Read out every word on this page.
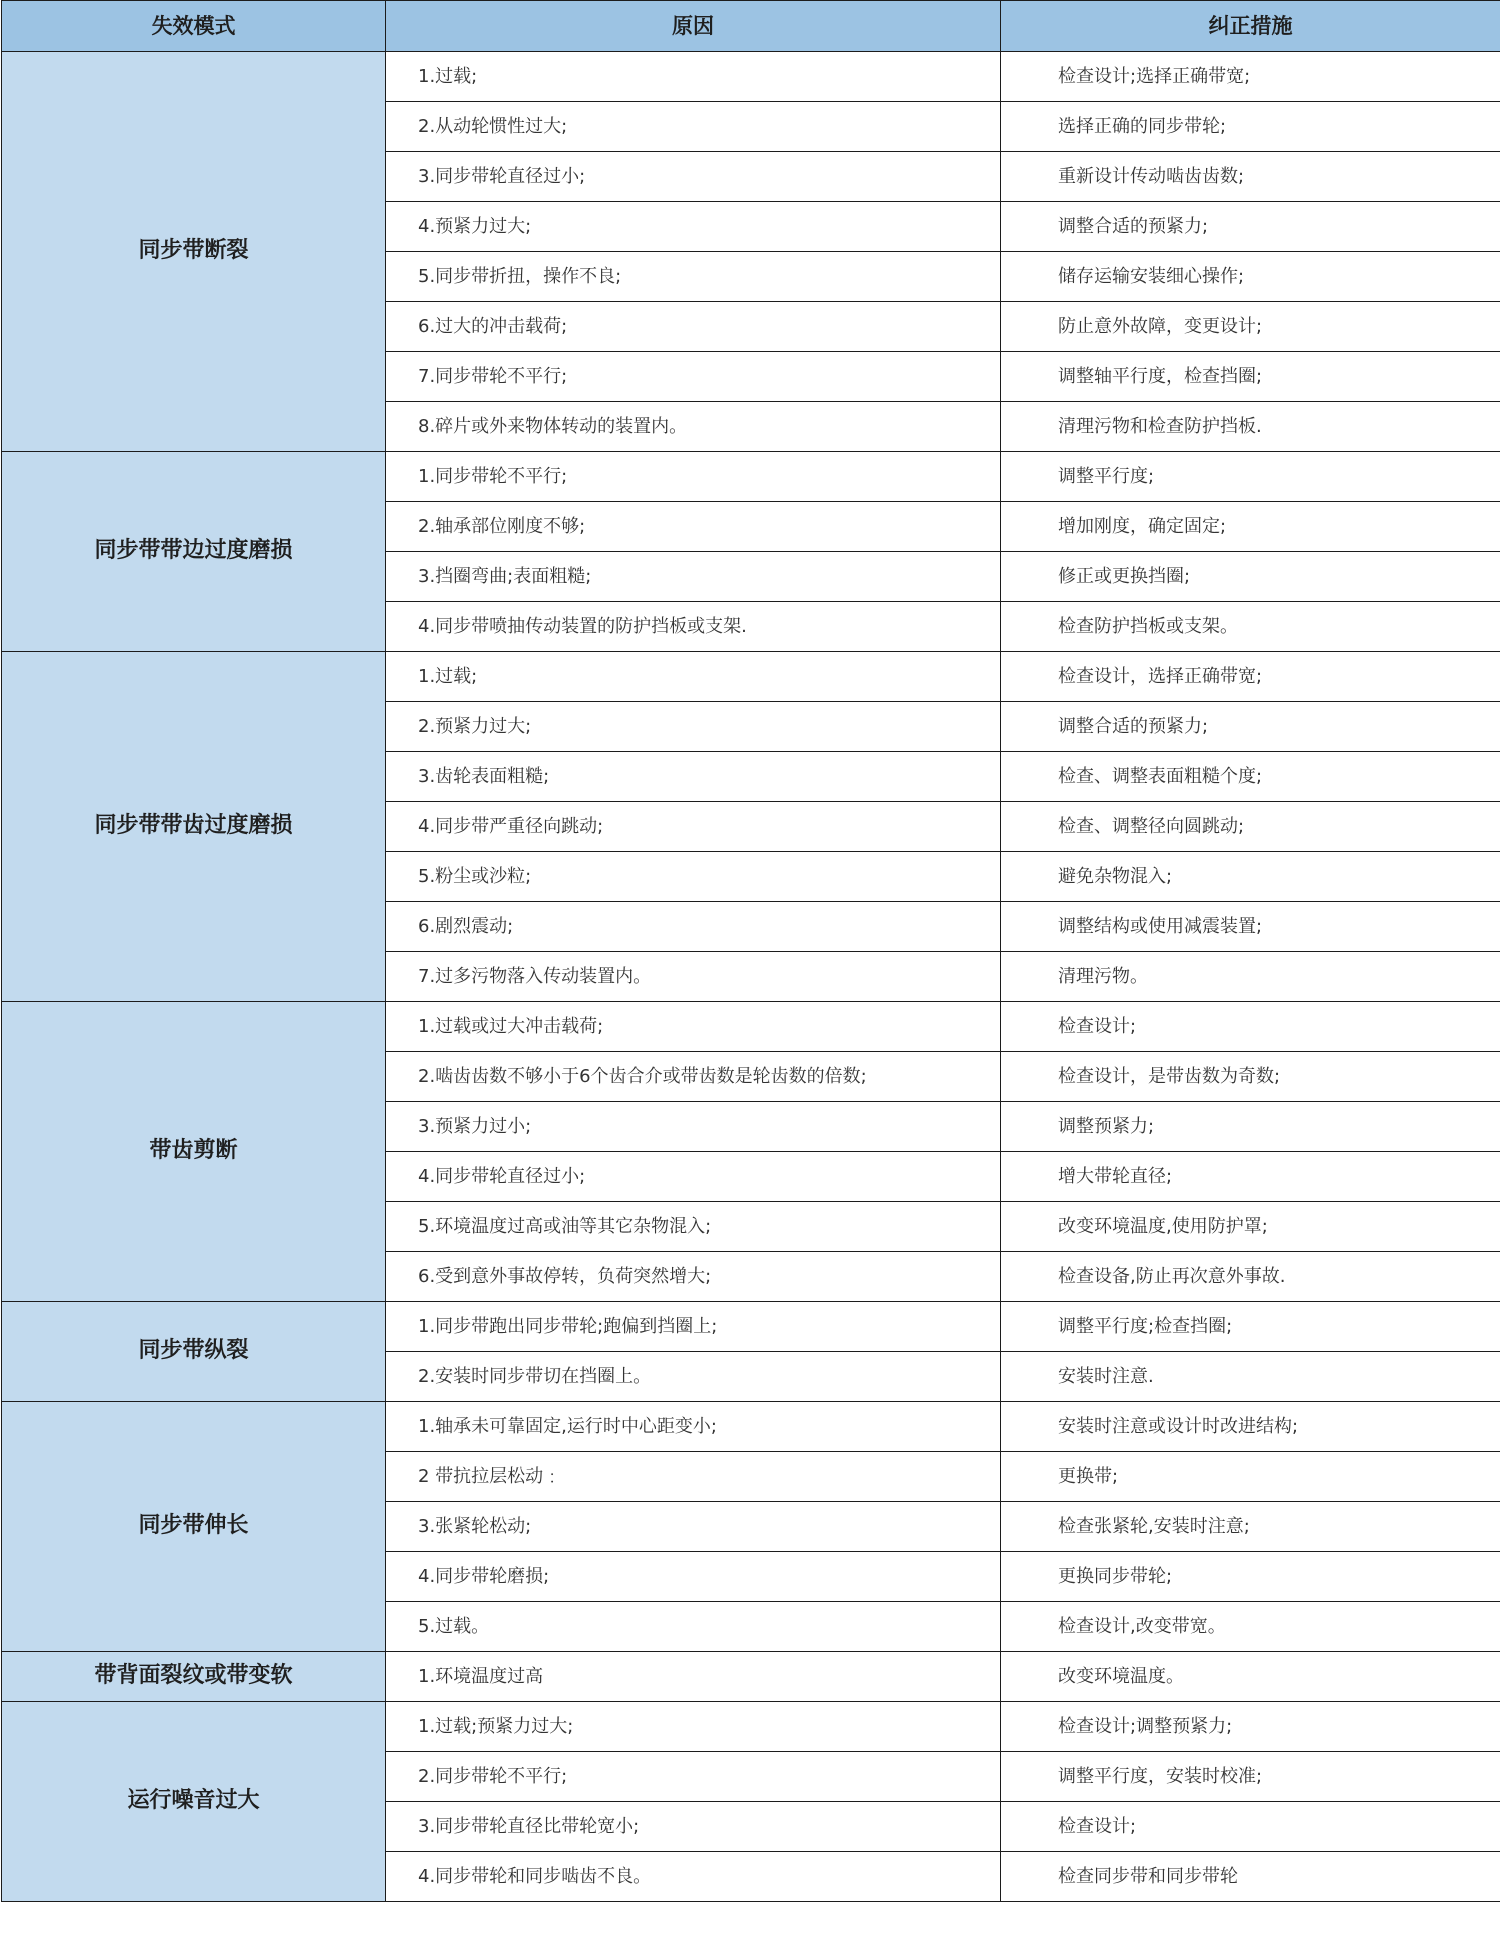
失效模式	原因	纠正措施
同步带断裂	1.过载;	检查设计;选择正确带宽;
	2.从动轮惯性过大;	选择正确的同步带轮;
	3.同步带轮直径过小;	重新设计传动啮齿齿数;
	4.预紧力过大;	调整合适的预紧力;
	5.同步带折扭，操作不良;	储存运输安装细心操作;
	6.过大的冲击载荷;	防止意外故障，变更设计;
	7.同步带轮不平行;	调整轴平行度，检查挡圈;
	8.碎片或外来物体转动的装置内。	清理污物和检查防护挡板.
同步带带边过度磨损	1.同步带轮不平行;	调整平行度;
	2.轴承部位刚度不够;	增加刚度，确定固定;
	3.挡圈弯曲;表面粗糙;	修正或更换挡圈;
	4.同步带喷抽传动装置的防护挡板或支架.	检查防护挡板或支架。
同步带带齿过度磨损	1.过载;	检查设计，选择正确带宽;
	2.预紧力过大;	调整合适的预紧力;
	3.齿轮表面粗糙;	检查、调整表面粗糙个度;
	4.同步带严重径向跳动;	检查、调整径向圆跳动;
	5.粉尘或沙粒;	避免杂物混入;
	6.剧烈震动;	调整结构或使用减震装置;
	7.过多污物落入传动装置内。	清理污物。
带齿剪断	1.过载或过大冲击载荷;	检查设计;
	2.啮齿齿数不够小于6个齿合介或带齿数是轮齿数的倍数;	检查设计，是带齿数为奇数;
	3.预紧力过小;	调整预紧力;
	4.同步带轮直径过小;	增大带轮直径;
	5.环境温度过高或油等其它杂物混入;	改变环境温度,使用防护罩;
	6.受到意外事故停转，负荷突然增大;	检查设备,防止再次意外事故.
同步带纵裂	1.同步带跑出同步带轮;跑偏到挡圈上;	调整平行度;检查挡圈;
	2.安装时同步带切在挡圈上。	安装时注意.
同步带伸长	1.轴承未可靠固定,运行时中心距变小;	安装时注意或设计时改进结构;
	2 带抗拉层松动﹕	更换带;
	3.张紧轮松动;	检查张紧轮,安装时注意;
	4.同步带轮磨损;	更换同步带轮;
	5.过载。	检查设计,改变带宽。
带背面裂纹或带变软	1.环境温度过高	改变环境温度。
运行噪音过大	1.过载;预紧力过大;	检查设计;调整预紧力;
	2.同步带轮不平行;	调整平行度，安装时校准;
	3.同步带轮直径比带轮宽小;	检查设计;
	4.同步带轮和同步啮齿不良。	检查同步带和同步带轮
